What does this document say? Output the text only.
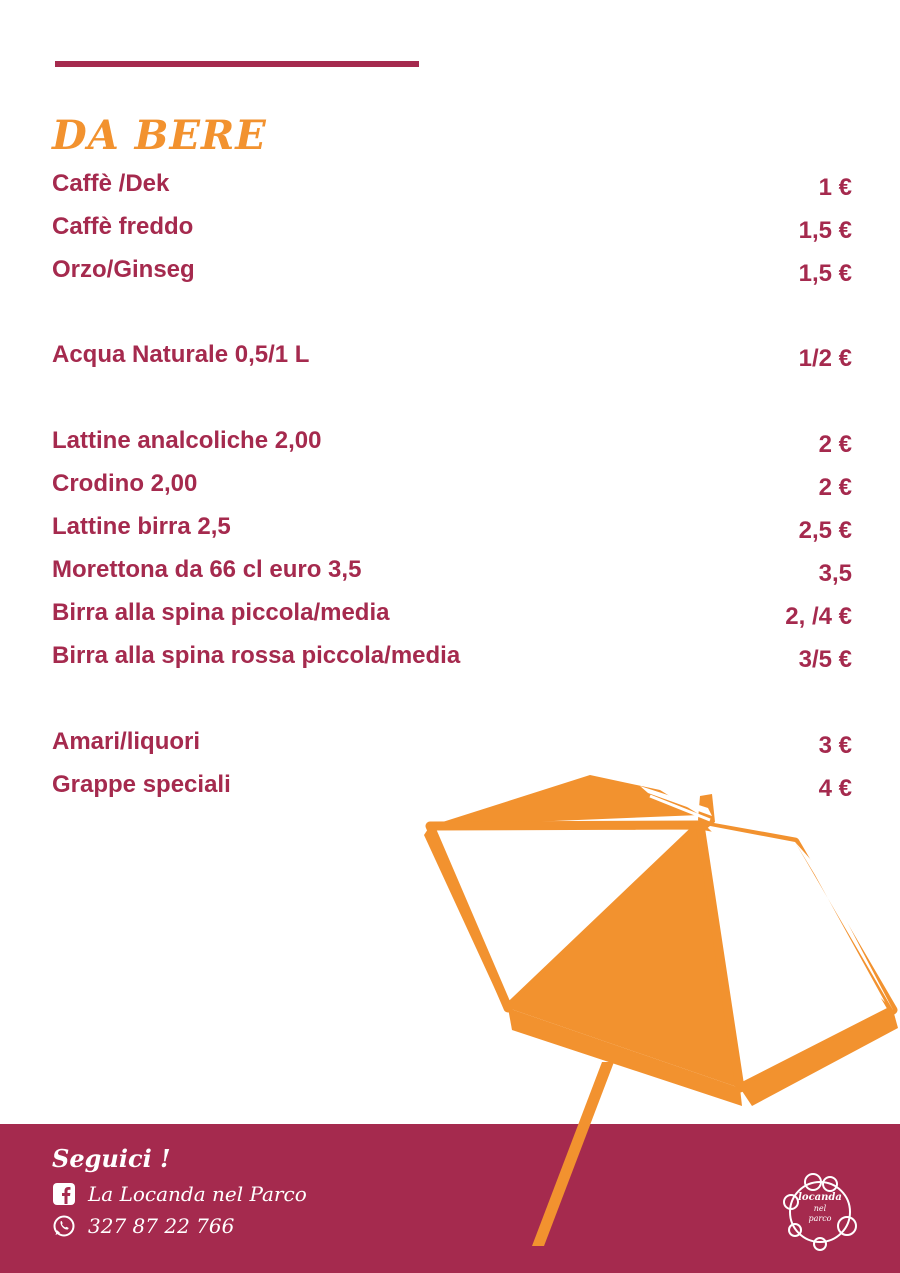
DA BERE
Caffè /Dek	1 €
Caffè freddo	1,5 €
Orzo/Ginseg	1,5 €
Acqua Naturale 0,5/1 L	1/2 €
Lattine analcoliche 2,00	2 €
Crodino 2,00	2 €
Lattine birra 2,5	2,5 €
Morettona da 66 cl euro 3,5	3,5
Birra alla spina piccola/media	2, /4 €
Birra alla spina rossa piccola/media	3/5 €
Amari/liquori	3 €
Grappe speciali	4 €
Seguici !
La Locanda nel Parco
327 87 22 766
locanda
nel
parco
